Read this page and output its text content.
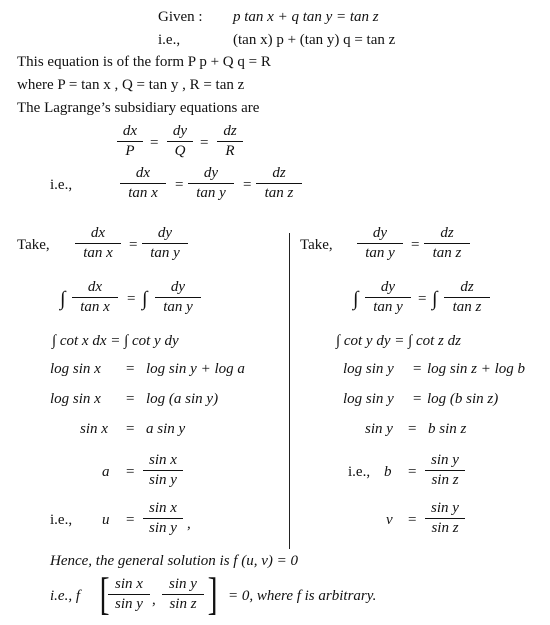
Given : p tan x + q tan y = tan z
i.e.,	(tan x) p + (tan y) q = tan z
This equation is of the form P p + Q q = R
where P = tan x , Q = tan y , R = tan z
The Lagrange’s subsidiary equations are
$\frac{dx}{P} = \frac{dy}{Q} = \frac{dz}{R}$
i.e.,	$\frac{dx}{\text{tan x}} = \frac{dy}{\text{tan y}} = \frac{dz}{\text{tan z}}$
Take, $\frac{dx}{\text{tan x}} = \frac{dy}{\text{tan y}}$
∫ $\frac{dx}{\text{tan x}}$ = ∫ $\frac{dy}{\text{tan y}}$
∫ cot x dx = ∫ cot y dy
log sin x = log sin y + log a
log sin x = log (a sin y)
sin x = a sin y
$a = \frac{\text{sin x}}{\text{sin y}}$
i.e., $u = \frac{\text{sin x}}{\text{sin y}}$ ,
Take, $\frac{dy}{\text{tan y}} = \frac{dz}{\text{tan z}}$
∫ $\frac{dy}{\text{tan y}}$ = ∫ $\frac{dz}{\text{tan z}}$
∫ cot y dy = ∫ cot z dz
log sin y = log sin z + log b
log sin y = log (b sin z)
sin y = b sin z
i.e., $b = \frac{\text{sin y}}{\text{sin z}}$
$v = \frac{\text{sin y}}{\text{sin z}}$
Hence, the general solution is f (u, v) = 0
i.e., f [
$\frac{\text{sin x}}{\text{sin y}}$ , $\frac{\text{sin y}}{\text{sin z}}$ ] = 0, where f is arbitrary.
